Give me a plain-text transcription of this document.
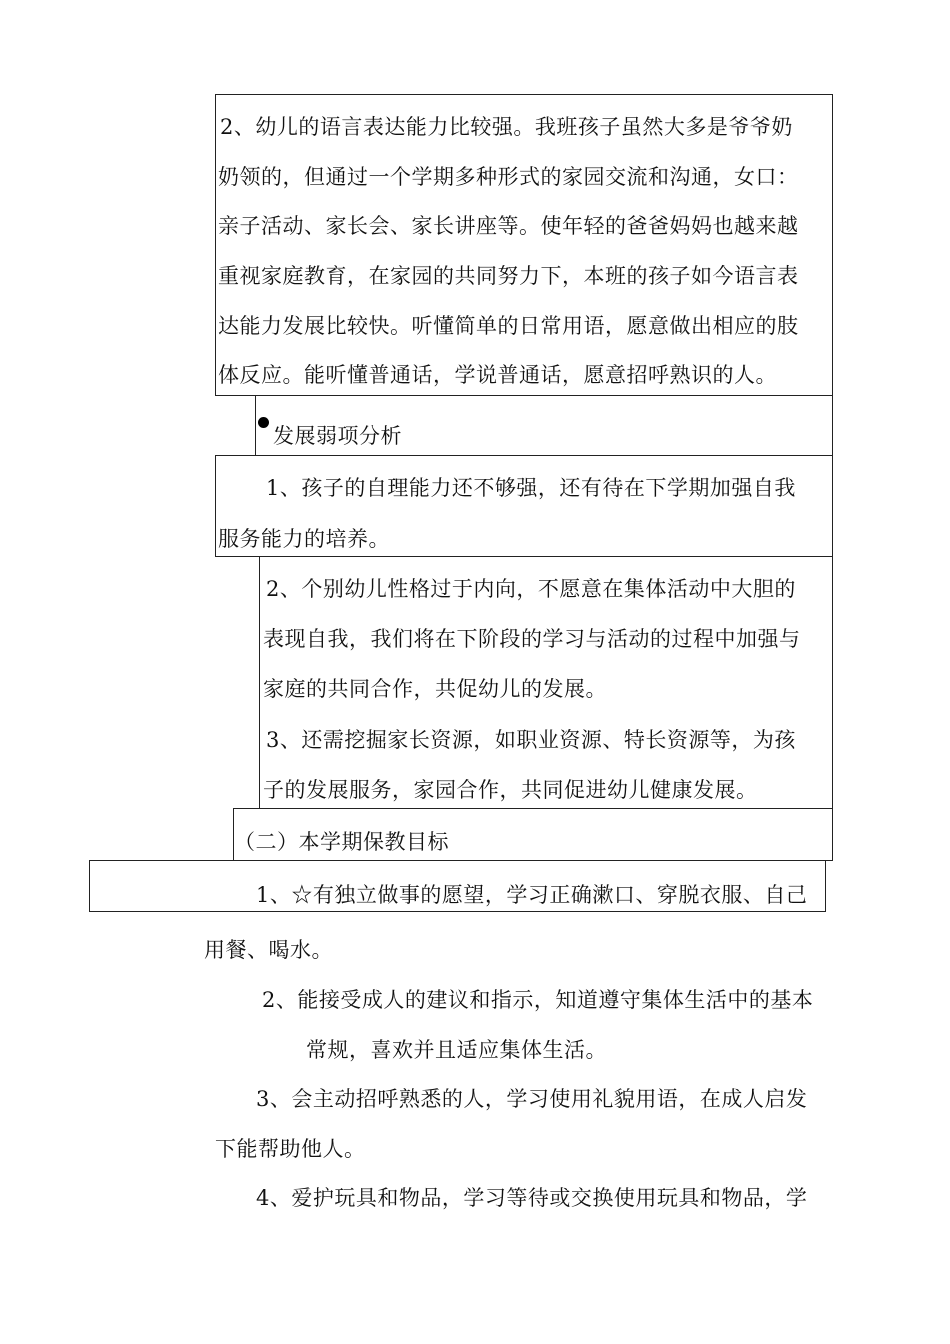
2、幼儿的语言表达能力比较强。我班孩子虽然大多是爷爷奶
奶领的，但通过一个学期多种形式的家园交流和沟通，女口：
亲子活动、家长会、家长讲座等。使年轻的爸爸妈妈也越来越
重视家庭教育，在家园的共同努力下，本班的孩子如今语言表
达能力发展比较快。听懂简单的日常用语，愿意做出相应的肢
体反应。能听懂普通话，学说普通话，愿意招呼熟识的人。
发展弱项分析
1、孩子的自理能力还不够强，还有待在下学期加强自我
服务能力的培养。
2、个别幼儿性格过于内向，不愿意在集体活动中大胆的
表现自我，我们将在下阶段的学习与活动的过程中加强与
家庭的共同合作，共促幼儿的发展。
3、还需挖掘家长资源，如职业资源、特长资源等，为孩
子的发展服务，家园合作，共同促进幼儿健康发展。
（二）本学期保教目标
1、☆有独立做事的愿望，学习正确漱口、穿脱衣服、自己
用餐、喝水。
2、能接受成人的建议和指示，知道遵守集体生活中的基本
常规，喜欢并且适应集体生活。
3、会主动招呼熟悉的人，学习使用礼貌用语，在成人启发
下能帮助他人。
4、爱护玩具和物品，学习等待或交换使用玩具和物品，学
